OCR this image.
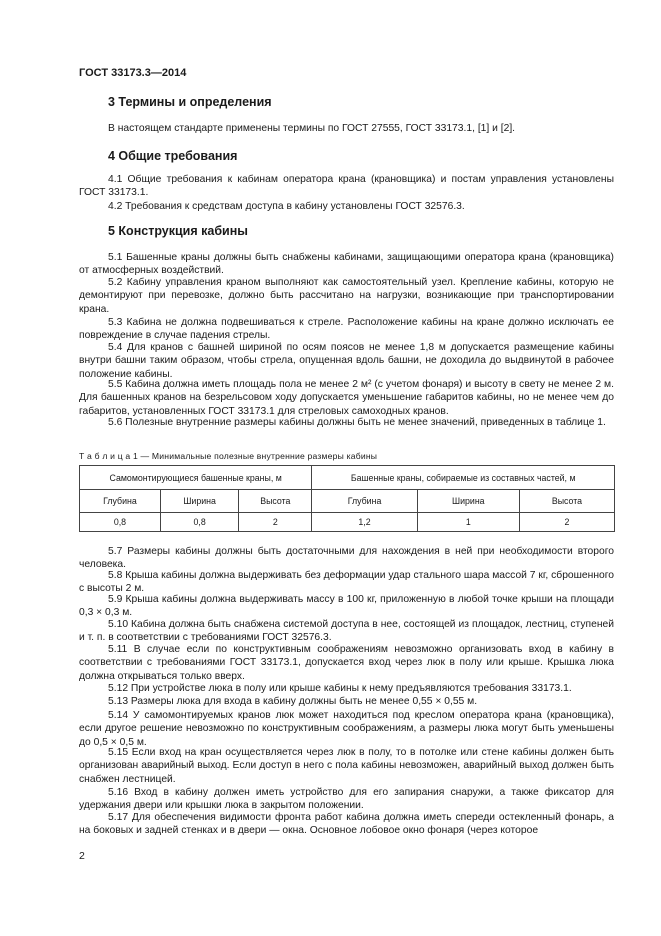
ГОСТ 33173.3—2014
3 Термины и определения
В настоящем стандарте применены термины по ГОСТ 27555, ГОСТ 33173.1, [1] и [2].
4 Общие требования
4.1 Общие требования к кабинам оператора крана (крановщика) и постам управления установлены ГОСТ 33173.1.
4.2 Требования к средствам доступа в кабину установлены ГОСТ 32576.3.
5 Конструкция кабины
5.1 Башенные краны должны быть снабжены кабинами, защищающими оператора крана (крановщика) от атмосферных воздействий.
5.2 Кабину управления краном выполняют как самостоятельный узел. Крепление кабины, которую не демонтируют при перевозке, должно быть рассчитано на нагрузки, возникающие при транспортировании крана.
5.3 Кабина не должна подвешиваться к стреле. Расположение кабины на кране должно исключать ее повреждение в случае падения стрелы.
5.4 Для кранов с башней шириной по осям поясов не менее 1,8 м допускается размещение кабины внутри башни таким образом, чтобы стрела, опущенная вдоль башни, не доходила до выдвинутой в рабочее положение кабины.
5.5 Кабина должна иметь площадь пола не менее 2 м² (с учетом фонаря) и высоту в свету не менее 2 м. Для башенных кранов на безрельсовом ходу допускается уменьшение габаритов кабины, но не менее чем до габаритов, установленных ГОСТ 33173.1 для стреловых самоходных кранов.
5.6 Полезные внутренние размеры кабины должны быть не менее значений, приведенных в таблице 1.
Т а б л и ц а 1 — Минимальные полезные внутренние размеры кабины
Самомонтирующиеся башенные краны, м			Башенные краны, собираемые из составных частей, м		
Глубина	Ширина	Высота	Глубина	Ширина	Высота
0,8	0,8	2	1,2	1	2
5.7 Размеры кабины должны быть достаточными для нахождения в ней при необходимости второго человека.
5.8 Крыша кабины должна выдерживать без деформации удар стального шара массой 7 кг, сброшенного с высоты 2 м.
5.9 Крыша кабины должна выдерживать массу в 100 кг, приложенную в любой точке крыши на площади 0,3 × 0,3 м.
5.10 Кабина должна быть снабжена системой доступа в нее, состоящей из площадок, лестниц, ступеней и т. п. в соответствии с требованиями ГОСТ 32576.3.
5.11 В случае если по конструктивным соображениям невозможно организовать вход в кабину в соответствии с требованиями ГОСТ 33173.1, допускается вход через люк в полу или крыше. Крышка люка должна открываться только вверх.
5.12 При устройстве люка в полу или крыше кабины к нему предъявляются требования 33173.1.
5.13 Размеры люка для входа в кабину должны быть не менее 0,55 × 0,55 м.
5.14 У самомонтируемых кранов люк может находиться под креслом оператора крана (крановщика), если другое решение невозможно по конструктивным соображениям, а размеры люка могут быть уменьшены до 0,5 × 0,5 м.
5.15 Если вход на кран осуществляется через люк в полу, то в потолке или стене кабины должен быть организован аварийный выход. Если доступ в него с пола кабины невозможен, аварийный выход должен быть снабжен лестницей.
5.16 Вход в кабину должен иметь устройство для его запирания снаружи, а также фиксатор для удержания двери или крышки люка в закрытом положении.
5.17 Для обеспечения видимости фронта работ кабина должна иметь спереди остекленный фонарь, а на боковых и задней стенках и в двери — окна. Основное лобовое окно фонаря (через которое
2
